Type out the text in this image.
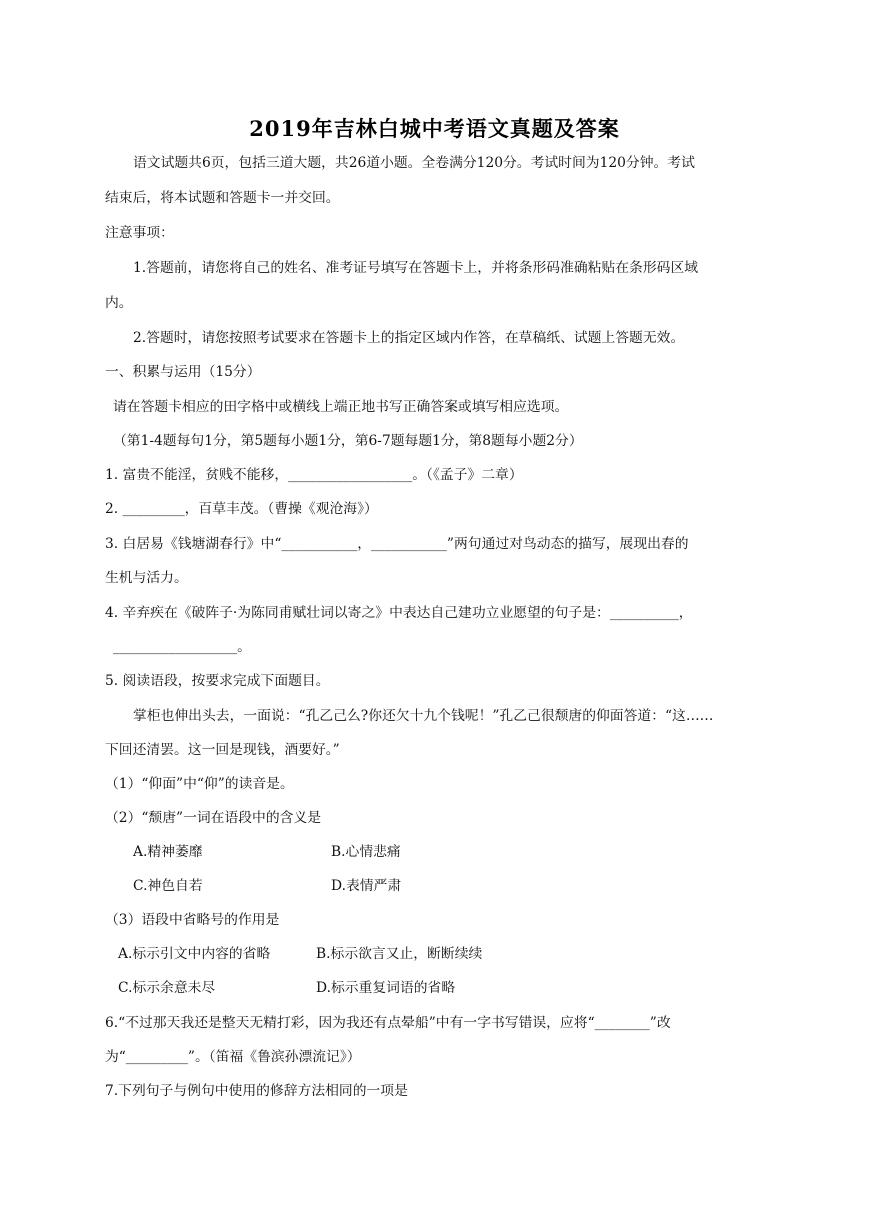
2019年吉林白城中考语文真题及答案
语文试题共6页，包括三道大题，共26道小题。全卷满分120分。考试时间为120分钟。考试
结束后，将本试题和答题卡一并交回。
注意事项：
1.答题前，请您将自己的姓名、准考证号填写在答题卡上，并将条形码准确粘贴在条形码区域
内。
2.答题时，请您按照考试要求在答题卡上的指定区域内作答，在草稿纸、试题上答题无效。
一、积累与运用（15分）
请在答题卡相应的田字格中或横线上端正地书写正确答案或填写相应选项。
（第1-4题每句1分，第5题每小题1分，第6-7题每题1分，第8题每小题2分）
1. 富贵不能淫，贫贱不能移，__________________。（《孟子》二章）
2. _________，百草丰茂。（曹操《观沧海》）
3. 白居易《钱塘湖春行》中“___________，___________”两句通过对鸟动态的描写，展现出春的
生机与活力。
4. 辛弃疾在《破阵子·为陈同甫赋壮词以寄之》中表达自己建功立业愿望的句子是：__________，
__________________。
5. 阅读语段，按要求完成下面题目。
掌柜也伸出头去，一面说：“孔乙己么?你还欠十九个钱呢！”孔乙己很颓唐的仰面答道：“这……
下回还清罢。这一回是现钱，酒要好。”
（1）“仰面”中“仰”的读音是。
（2）“颓唐”一词在语段中的含义是
A.精神萎靡	B.心情悲痛
C.神色自若	D.表情严肃
（3）语段中省略号的作用是
A.标示引文中内容的省略	B.标示欲言又止，断断续续
C.标示余意未尽	D.标示重复词语的省略
6.“不过那天我还是整天无精打彩，因为我还有点晕船”中有一字书写错误，应将“________”改
为“_________”。（笛福《鲁滨孙漂流记》）
7.下列句子与例句中使用的修辞方法相同的一项是
